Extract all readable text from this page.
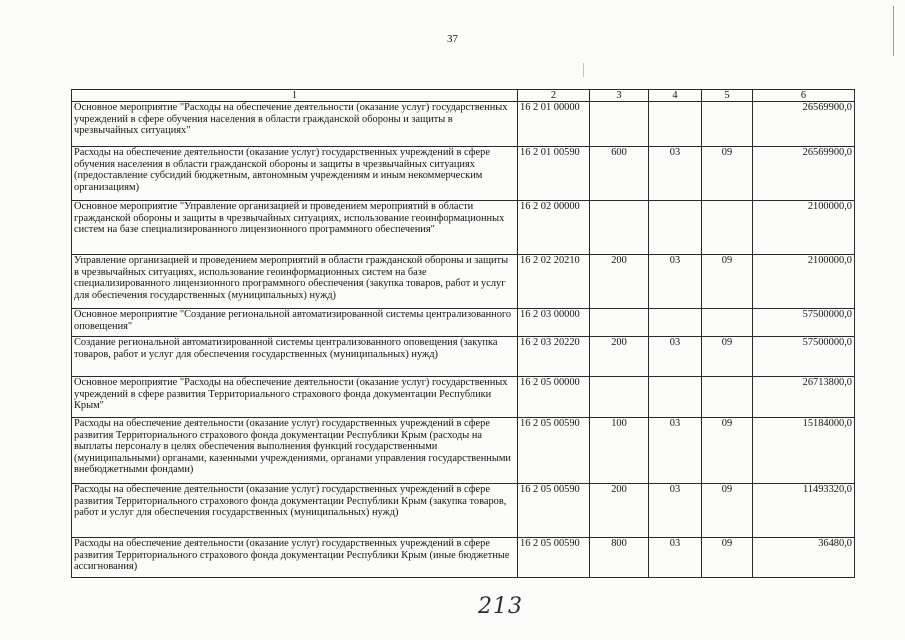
37
1	2	3	4	5	6
Основное мероприятие "Расходы на обеспечение деятельности (оказание услуг) государственных учреждений в сфере обучения населения в области гражданской обороны и защиты в чрезвычайных ситуациях"	16 2 01 00000				26569900,0
Расходы на обеспечение деятельности (оказание услуг) государственных учреждений в сфере обучения населения в области гражданской обороны и защиты в чрезвычайных ситуациях (предоставление субсидий бюджетным, автономным учреждениям и иным некоммерческим организациям)	16 2 01 00590	600	03	09	26569900,0
Основное мероприятие "Управление организацией и проведением мероприятий в области гражданской обороны и защиты в чрезвычайных ситуациях, использование геоинформационных систем на базе специализированного лицензионного программного обеспечения"	16 2 02 00000				2100000,0
Управление организацией и проведением мероприятий в области гражданской обороны и защиты в чрезвычайных ситуациях, использование геоинформационных систем на базе специализированного лицензионного программного обеспечения (закупка товаров, работ и услуг для обеспечения государственных (муниципальных) нужд)	16 2 02 20210	200	03	09	2100000,0
Основное мероприятие "Создание региональной автоматизированной системы централизованного оповещения"	16 2 03 00000				57500000,0
Создание региональной автоматизированной системы централизованного оповещения (закупка товаров, работ и услуг для обеспечения государственных (муниципальных) нужд)	16 2 03 20220	200	03	09	57500000,0
Основное мероприятие "Расходы на обеспечение деятельности (оказание услуг) государственных учреждений в сфере развития Территориального страхового фонда документации Республики Крым"	16 2 05 00000				26713800,0
Расходы на обеспечение деятельности (оказание услуг) государственных учреждений в сфере развития Территориального страхового фонда документации Республики Крым (расходы на выплаты персоналу в целях обеспечения выполнения функций государственными (муниципальными) органами, казенными учреждениями, органами управления государственными внебюджетными фондами)	16 2 05 00590	100	03	09	15184000,0
Расходы на обеспечение деятельности (оказание услуг) государственных учреждений в сфере развития Территориального страхового фонда документации Республики Крым (закупка товаров, работ и услуг для обеспечения государственных (муниципальных) нужд)	16 2 05 00590	200	03	09	11493320,0
Расходы на обеспечение деятельности (оказание услуг) государственных учреждений в сфере развития Территориального страхового фонда документации Республики Крым (иные бюджетные ассигнования)	16 2 05 00590	800	03	09	36480,0
213
